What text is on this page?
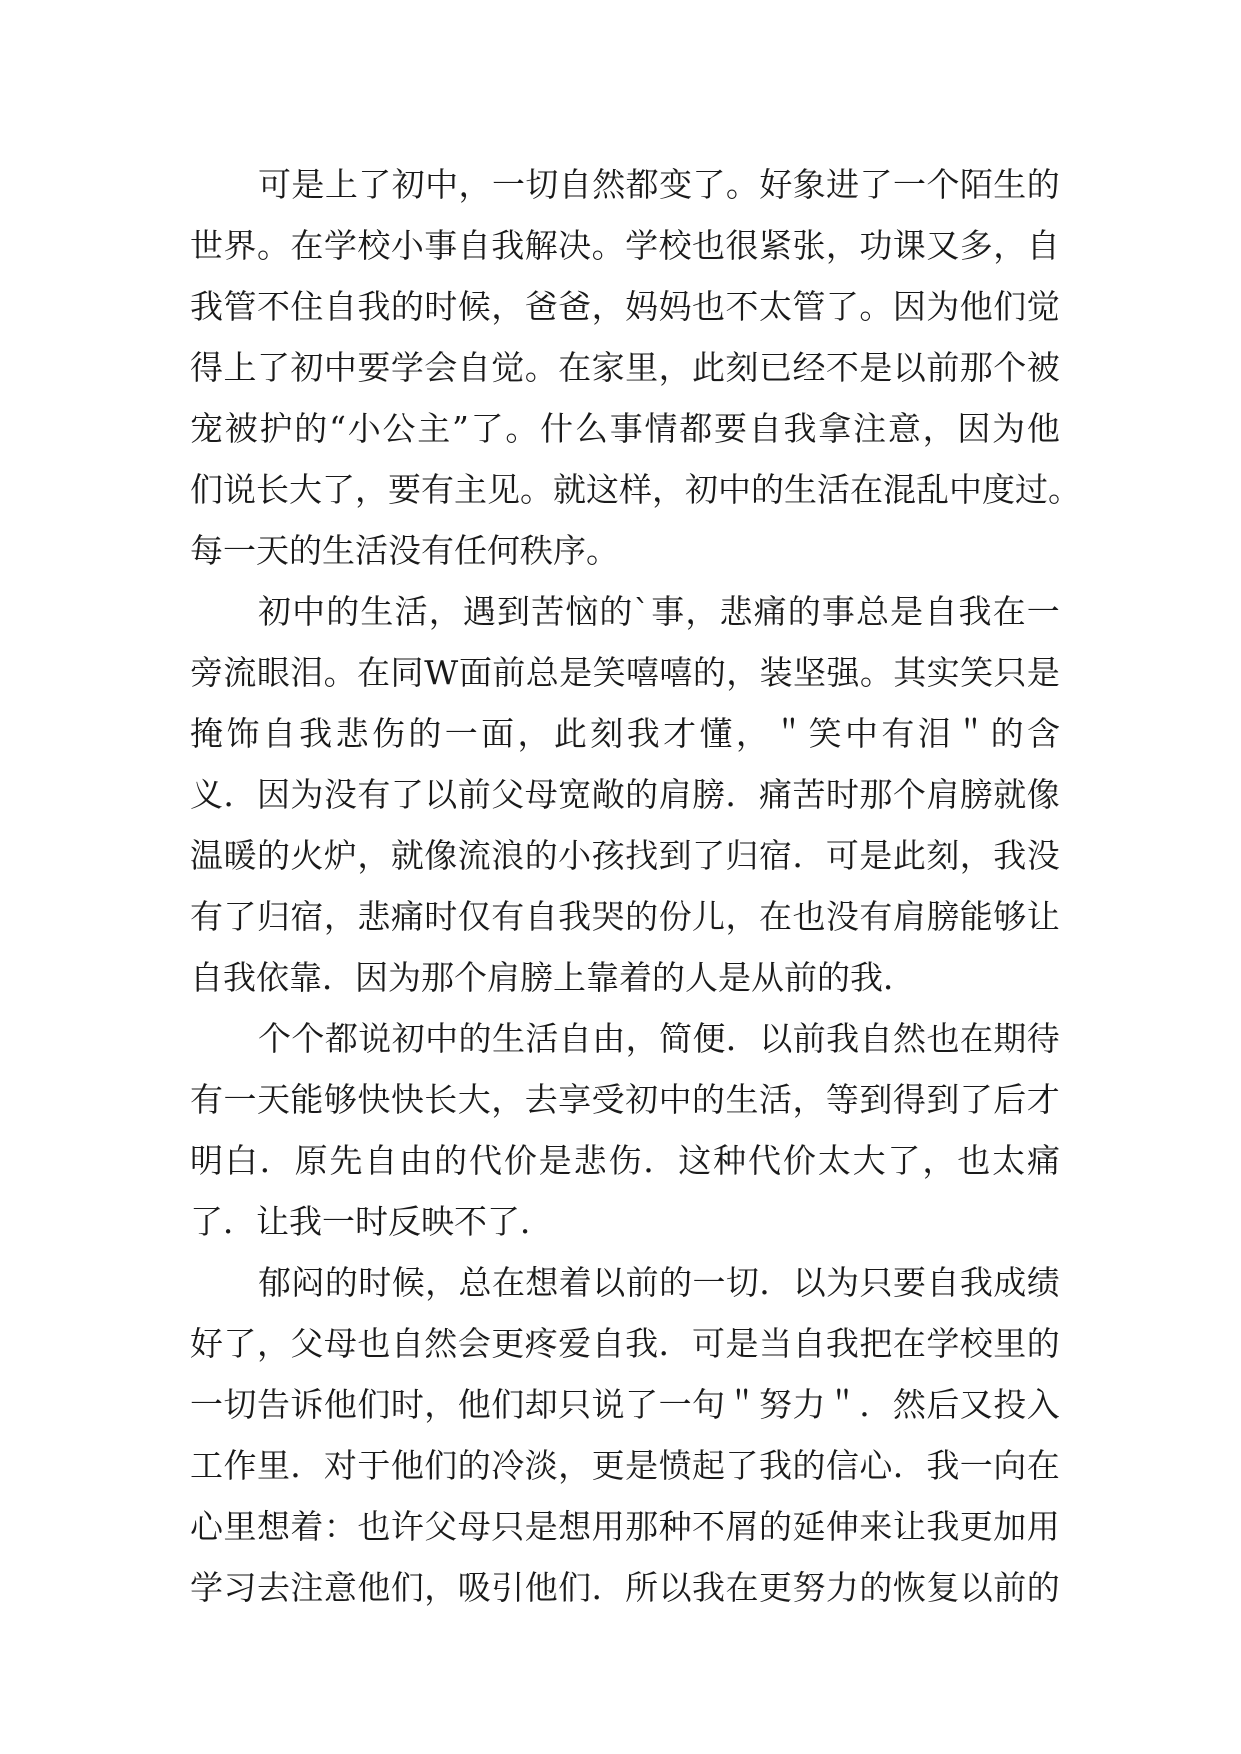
可 是 上 了 初 中 ， 一 切 自 然 都 变 了 。 好 象 进 了 一 个 陌 生 的
世 界 。 在 学 校 小 事 自 我 解 决 。 学 校 也 很 紧 张 ， 功 课 又 多 ， 自
我 管 不 住 自 我 的 时 候 ， 爸 爸 ， 妈 妈 也 不 太 管 了 。 因 为 他 们 觉
得 上 了 初 中 要 学 会 自 觉 。 在 家 里 ， 此 刻 已 经 不 是 以 前 那 个 被
宠 被 护 的 “ 小 公 主 ” 了 。 什 么 事 情 都 要 自 我 拿 注 意 ， 因 为 他
们 说 长 大 了 ， 要 有 主 见 。 就 这 样 ， 初 中 的 生 活 在 混 乱 中 度 过 。
每一天的生活没有任何秩序。
初 中 的 生 活 ， 遇 到 苦 恼 的 ` 事 ， 悲 痛 的 事 总 是 自 我 在 一
旁 流 眼 泪 。 在 同 W 面 前 总 是 笑 嘻 嘻 的 ， 装 坚 强 。 其 实 笑 只 是
掩 饰 自 我 悲 伤 的 一 面 ， 此 刻 我 才 懂 ， ＂ 笑 中 有 泪 ＂ 的 含
义 ． 因 为 没 有 了 以 前 父 母 宽 敞 的 肩 膀 ． 痛 苦 时 那 个 肩 膀 就 像
温 暖 的 火 炉 ， 就 像 流 浪 的 小 孩 找 到 了 归 宿 ． 可 是 此 刻 ， 我 没
有 了 归 宿 ， 悲 痛 时 仅 有 自 我 哭 的 份 儿 ， 在 也 没 有 肩 膀 能 够 让
自我依靠．因为那个肩膀上靠着的人是从前的我．
个 个 都 说 初 中 的 生 活 自 由 ， 简 便 ． 以 前 我 自 然 也 在 期 待
有 一 天 能 够 快 快 长 大 ， 去 享 受 初 中 的 生 活 ， 等 到 得 到 了 后 才
明 白 ． 原 先 自 由 的 代 价 是 悲 伤 ． 这 种 代 价 太 大 了 ， 也 太 痛
了．让我一时反映不了．
郁 闷 的 时 候 ， 总 在 想 着 以 前 的 一 切 ． 以 为 只 要 自 我 成 绩
好 了 ， 父 母 也 自 然 会 更 疼 爱 自 我 ． 可 是 当 自 我 把 在 学 校 里 的
一 切 告 诉 他 们 时 ， 他 们 却 只 说 了 一 句 ＂ 努 力 ＂ ． 然 后 又 投 入
工 作 里 ． 对 于 他 们 的 冷 淡 ， 更 是 愤 起 了 我 的 信 心 ． 我 一 向 在
心 里 想 着 ： 也 许 父 母 只 是 想 用 那 种 不 屑 的 延 伸 来 让 我 更 加 用
学 习 去 注 意 他 们 ， 吸 引 他 们 ． 所 以 我 在 更 努 力 的 恢 复 以 前 的
